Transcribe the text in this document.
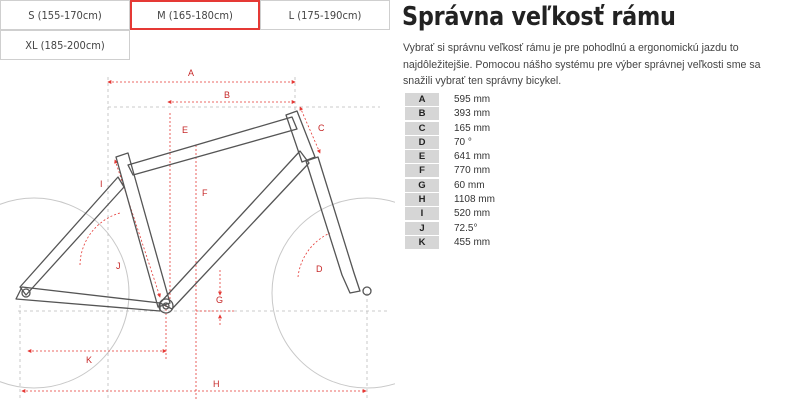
S (155-170cm)	M (165-180cm)	L (175-190cm)
XL (185-200cm)
A
B
C
D
E
F
G
H
I
J
K
Správna veľkosť rámu
Vybrať si správnu veľkosť rámu je pre pohodlnú a ergonomickú jazdu to najdôležitejšie. Pomocou nášho systému pre výber správnej veľkosti sme sa snažili vybrať ten správny bicykel.
A	595 mm
B	393 mm
C	165 mm
D	70 °
E	641 mm
F	770 mm
G	60 mm
H	1108 mm
I	520 mm
J	72.5°
K	455 mm
